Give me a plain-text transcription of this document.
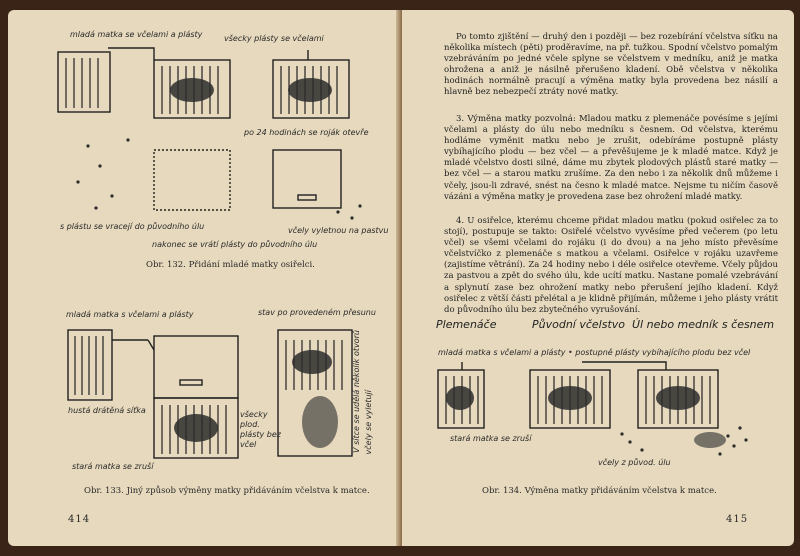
mladá matka se včelami a plásty	všecky plásty se včelami
po 24 hodinách se roják otevře
s plástu se vracejí do původního úlu	včely vyletnou na pastvu
nakonec se vrátí plásty do původního úlu
Obr. 132. Přidání mladé matky osiřelci.
mladá matka s včelami a plásty	stav po provedeném přesunu
hustá drátěná síťka	všecky plod. plásty bez včel
stará matka se zruší
V sítce se udělá několik otvorů včely se vyletují
Obr. 133. Jiný způsob výměny matky přidáváním včelstva k matce.
414
Po tomto zjištění — druhý den i později — bez rozebírání včelstva síťku na několika místech (pěti) proděravíme, na př. tužkou. Spodní včelstvo pomalým vzebráváním po jedné včele splyne se včelstvem v medníku, aniž je matka ohrožena a aniž je násilně přerušeno kladení. Obě včelstva v několika hodinách normálně pracují a výměna matky byla provedena bez násilí a hlavně bez nebezpečí ztráty nové matky.
3. Výměna matky pozvolná: Mladou matku z plemenáče povésíme s jejími včelami a plásty do úlu nebo medníku s česnem. Od včelstva, kterému hodláme vyměnit matku nebo je zrušit, odebíráme postupně plásty vybíhajícího plodu — bez včel — a převěšujeme je k mladé matce. Když je mladé včelstvo dosti silné, dáme mu zbytek plodových plástů staré matky — bez včel — a starou matku zrušíme. Za den nebo i za několik dnů můžeme i včely, jsou-li zdravé, snést na česno k mladé matce. Nejsme tu ničím časově vázáni a výměna matky je provedena zase bez ohrožení mladé matky.
4. U osiřelce, kterému chceme přidat mladou matku (pokud osiřelec za to stojí), postupuje se takto: Osiřelé včelstvo vyvěsíme před večerem (po letu včel) se všemi včelami do rojáku (i do dvou) a na jeho místo převěsíme včelstvíčko z plemenáče s matkou a včelami. Osiřelce v rojáku uzavřeme (zajistíme větrání). Za 24 hodiny nebo i déle osiřelce otevřeme. Včely půjdou za pastvou a zpět do svého úlu, kde ucítí matku. Nastane pomalé vzebrávání a splynutí zase bez ohrožení matky nebo přerušení jejího kladení. Když osiřelec z větší části přelétal a je klidně přijímán, můžeme i jeho plásty vrátit do původního úlu bez zbytečného vyrušování.
Plemenáče	Původní včelstvo Úl nebo medník s česnem
mladá matka s včelami a plásty • postupně plásty vybíhajícího plodu bez včel
stará matka se zruší
včely z původ. úlu
Obr. 134. Výměna matky přidáváním včelstva k matce.
415
